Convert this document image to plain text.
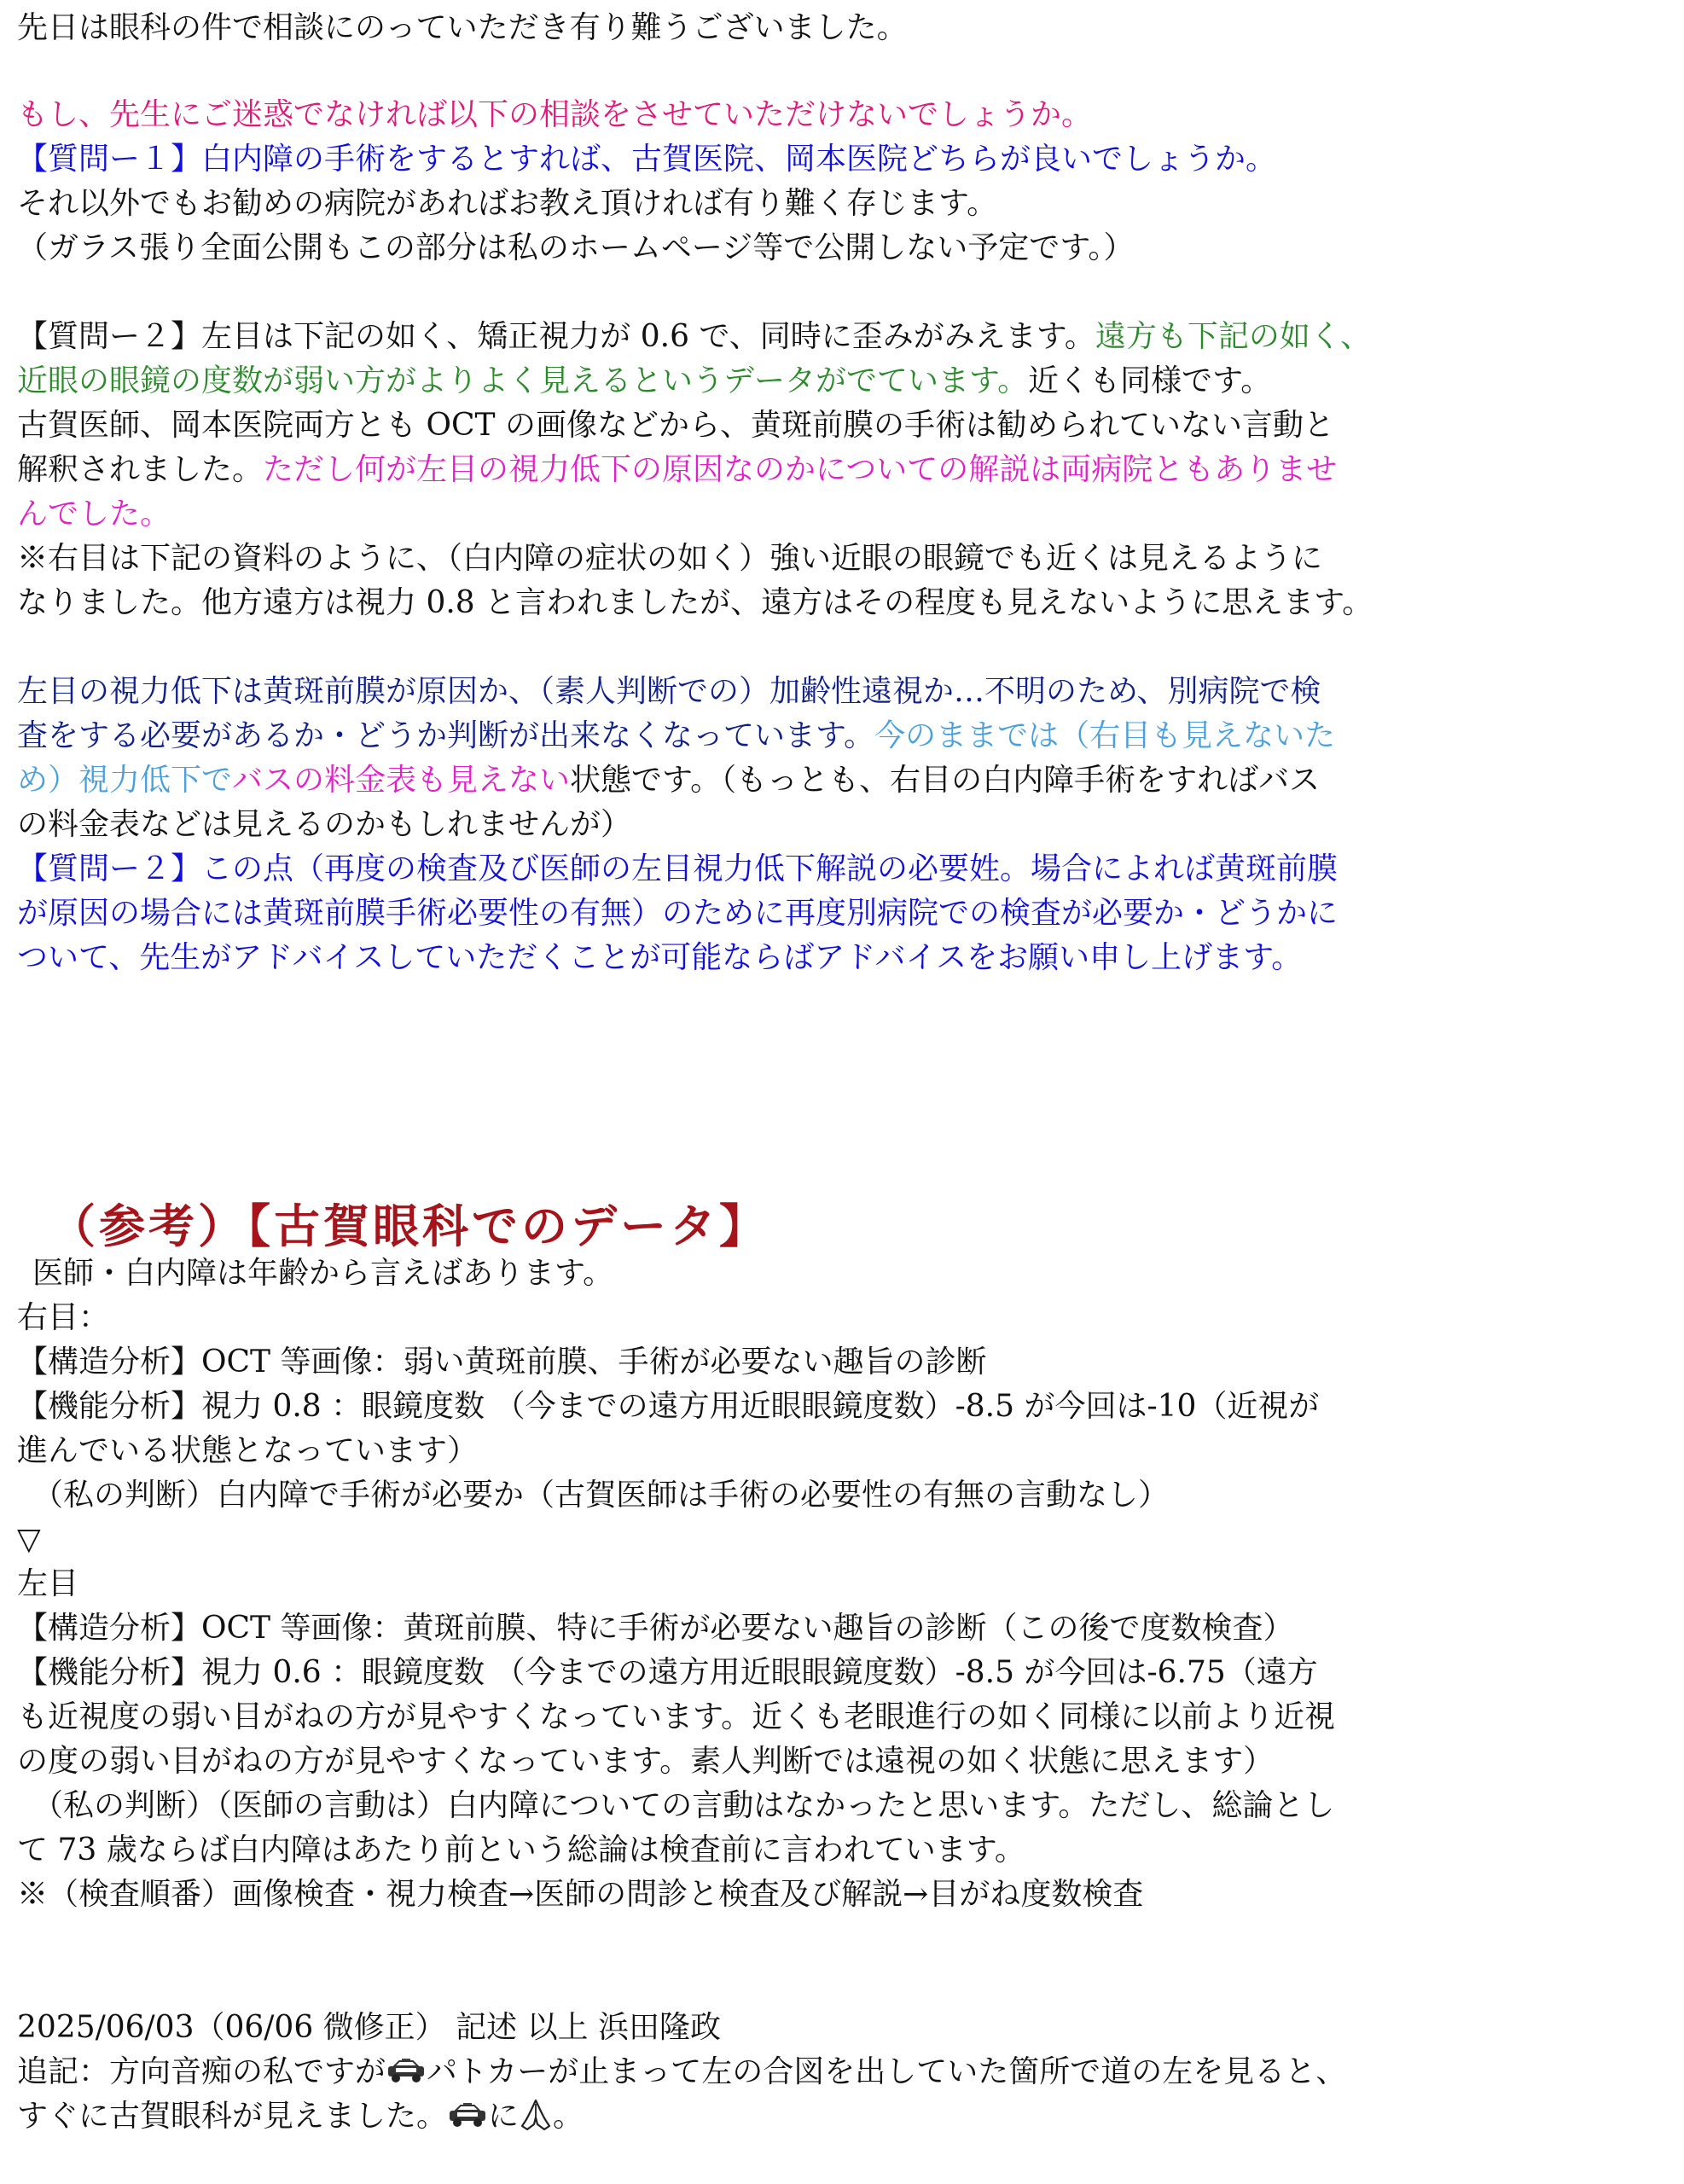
先日は眼科の件で相談にのっていただき有り難うございました。
もし、先生にご迷惑でなければ以下の相談をさせていただけないでしょうか。
【質問ー１】白内障の手術をするとすれば、古賀医院、岡本医院どちらが良いでしょうか。
それ以外でもお勧めの病院があればお教え頂ければ有り難く存じます。
（ガラス張り全面公開もこの部分は私のホームページ等で公開しない予定です。）
【質問ー２】左目は下記の如く、矯正視力が 0.6 で、同時に歪みがみえます。遠方も下記の如く、
近眼の眼鏡の度数が弱い方がよりよく見えるというデータがでています。近くも同様です。
古賀医師、岡本医院両方とも OCT の画像などから、黄斑前膜の手術は勧められていない言動と
解釈されました。ただし何が左目の視力低下の原因なのかについての解説は両病院ともありませ
んでした。
※右目は下記の資料のように、（白内障の症状の如く）強い近眼の眼鏡でも近くは見えるように
なりました。他方遠方は視力 0.8 と言われましたが、遠方はその程度も見えないように思えます。
左目の視力低下は黄斑前膜が原因か、（素人判断での）加齢性遠視か…不明のため、別病院で検
査をする必要があるか・どうか判断が出来なくなっています。今のままでは（右目も見えないた
め）視力低下でバスの料金表も見えない状態です。（もっとも、右目の白内障手術をすればバス
の料金表などは見えるのかもしれませんが）
【質問ー２】この点（再度の検査及び医師の左目視力低下解説の必要姓。場合によれば黄斑前膜
が原因の場合には黄斑前膜手術必要性の有無）のために再度別病院での検査が必要か・どうかに
ついて、先生がアドバイスしていただくことが可能ならばアドバイスをお願い申し上げます。
（参考）【古賀眼科でのデータ】
医師・白内障は年齢から言えばあります。
右目：
【構造分析】OCT 等画像：弱い黄斑前膜、手術が必要ない趣旨の診断
【機能分析】視力 0.8 ：眼鏡度数 （今までの遠方用近眼眼鏡度数）-8.5 が今回は-10（近視が
進んでいる状態となっています）
（私の判断）白内障で手術が必要か（古賀医師は手術の必要性の有無の言動なし）
▽
左目
【構造分析】OCT 等画像：黄斑前膜、特に手術が必要ない趣旨の診断（この後で度数検査）
【機能分析】視力 0.6 ：眼鏡度数 （今までの遠方用近眼眼鏡度数）-8.5 が今回は-6.75（遠方
も近視度の弱い目がねの方が見やすくなっています。近くも老眼進行の如く同様に以前より近視
の度の弱い目がねの方が見やすくなっています。素人判断では遠視の如く状態に思えます）
（私の判断）（医師の言動は）白内障についての言動はなかったと思います。ただし、総論とし
て 73 歳ならば白内障はあたり前という総論は検査前に言われています。
※（検査順番）画像検査・視力検査→医師の問診と検査及び解説→目がね度数検査
2025/06/03（06/06 微修正） 記述 以上 浜田隆政
追記：方向音痴の私ですが パトカーが止まって左の合図を出していた箇所で道の左を見ると、
すぐに古賀眼科が見えました。 に 。
